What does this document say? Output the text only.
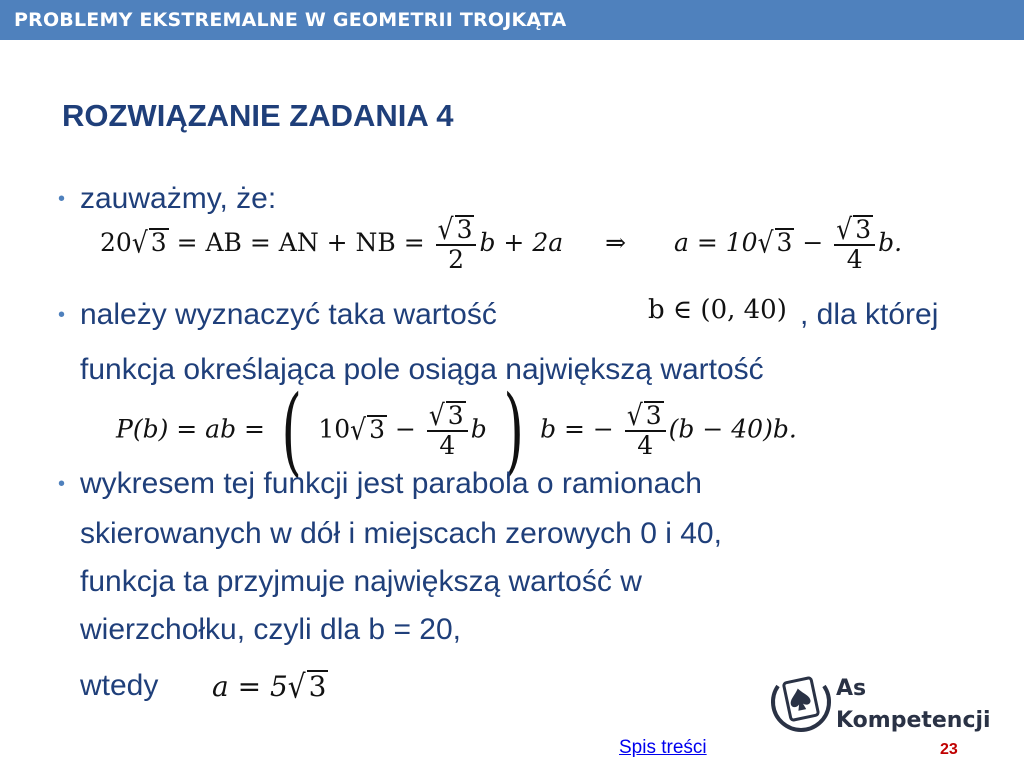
PROBLEMY EKSTREMALNE W GEOMETRII TROJKĄTA
ROZWIĄZANIE ZADANIA 4
• zauważmy, że:
20√ 3 = AB = AN + NB = $\frac{√ 3}{2}$ b + 2a ⇒ a = 10√ $3 - \frac{√ 3}{4} b$.
• należy wyznaczyć taka wartość	b ∈ (0, 40) , dla której
funkcja określająca pole osiąga największą wartość
P(b) = ab = ( 10√ $3 - \frac{√ 3}{4}$ b ) b = − $\frac{√ 3}{4} (b - 40)b$.
• wykresem tej funkcji jest parabola o ramionach
skierowanych w dół i miejscach zerowych 0 i 40,
funkcja ta przyjmuje największą wartość w
wierzchołku, czyli dla b = 20,
wtedy a = 5√ 3	As
Kompetencji
Spis treści	23
